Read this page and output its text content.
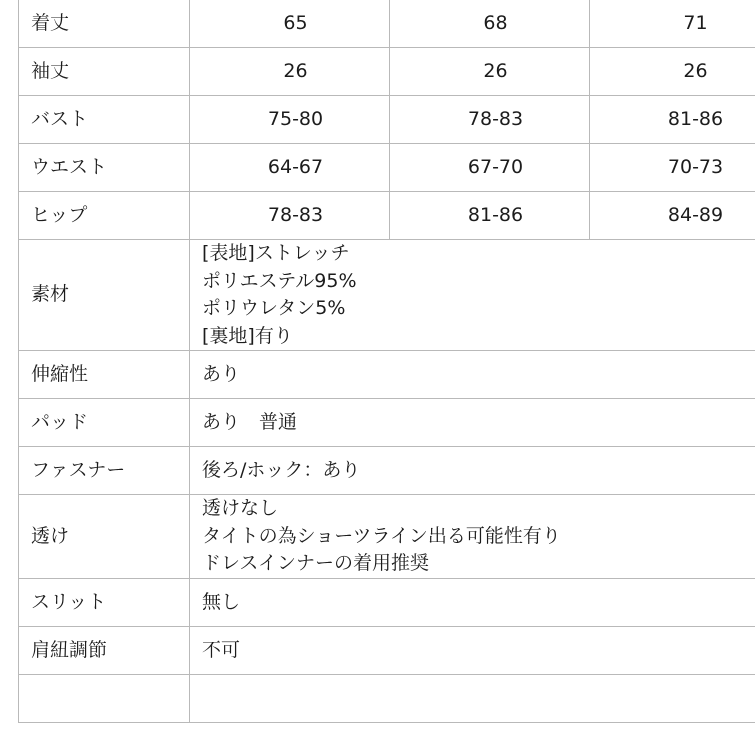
着丈	65	68	71
袖丈	26	26	26
バスト	75-80	78-83	81-86
ウエスト	64-67	67-70	70-73
ヒップ	78-83	81-86	84-89
素材	[表地]ストレッチ
ポリエステル95%
ポリウレタン5%
[裏地]有り		

伸縮性	あり		
パッド	あり　普通		
ファスナー	後ろ/ホック：あり		
透け	透けなし
タイトの為ショーツライン出る可能性有り
ドレスインナーの着用推奨		

スリット	無し		
肩紐調節	不可		
